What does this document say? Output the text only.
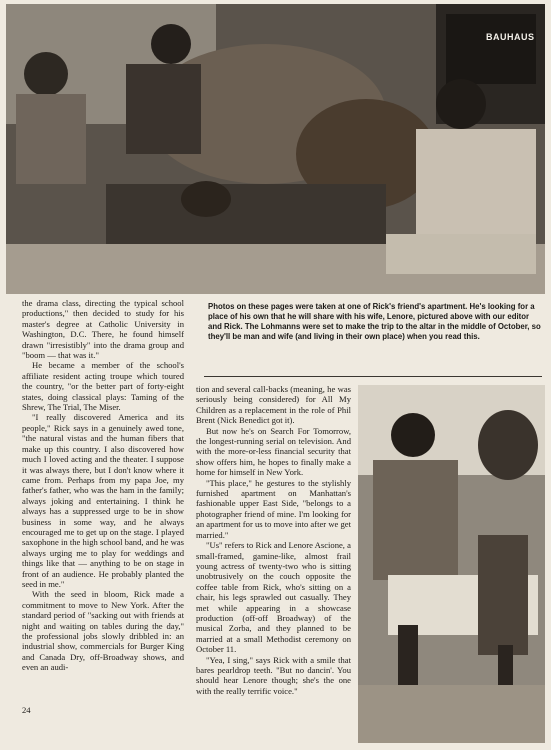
BAUHAUS
Photos on these pages were taken at one of Rick's friend's apartment. He's looking for a place of his own that he will share with his wife, Lenore, pictured above with our editor and Rick. The Lohmanns were set to make the trip to the altar in the middle of October, so they'll be man and wife (and living in their own place) when you read this.

the drama class, directing the typical school productions," then decided to study for his master's degree at Catholic University in Washington, D.C. There, he found himself drawn "irresistibly" into the drama group and "boom — that was it."

He became a member of the school's affiliate resident acting troupe which toured the country, "or the better part of forty-eight states, doing classical plays: Taming of the Shrew, The Trial, The Miser.

"I really discovered America and its people," Rick says in a genuinely awed tone, "the natural vistas and the human fibers that make up this country. I also discovered how much I loved acting and the theater. I suppose it was always there, but I don't know where it came from. Perhaps from my papa Joe, my father's father, who was the ham in the family; always joking and entertaining. I think he always has a suppressed urge to be in show business in some way, and he always encouraged me to get up on the stage. I played saxophone in the high school band, and he was always urging me to play for weddings and things like that — anything to be on stage in front of an audience. He probably planted the seed in me."

With the seed in bloom, Rick made a commitment to move to New York. After the standard period of "sacking out with friends at night and waiting on tables during the day," the professional jobs slowly dribbled in: an industrial show, commercials for Burger King and Canada Dry, off-Broadway shows, and even an audi-

tion and several call-backs (meaning, he was seriously being considered) for All My Children as a replacement in the role of Phil Brent (Nick Benedict got it).

But now he's on Search For Tomorrow, the longest-running serial on television. And with the more-or-less financial security that show offers him, he hopes to finally make a home for himself in New York.

"This place," he gestures to the stylishly furnished apartment on Manhattan's fashionable upper East Side, "belongs to a photographer friend of mine. I'm looking for an apartment for us to move into after we get married."

"Us" refers to Rick and Lenore Ascione, a small-framed, gamine-like, almost frail young actress of twenty-two who is sitting unobtrusively on the couch opposite the coffee table from Rick, who's sitting on a chair, his legs sprawled out casually. They met while appearing in a showcase production (off-off Broadway) of the musical Zorba, and they planned to be married at a small Methodist ceremony on October 11.

"Yea, I sing," says Rick with a smile that bares pearldrop teeth. "But no dancin'. You should hear Lenore though; she's the one with the really terrific voice."

24
